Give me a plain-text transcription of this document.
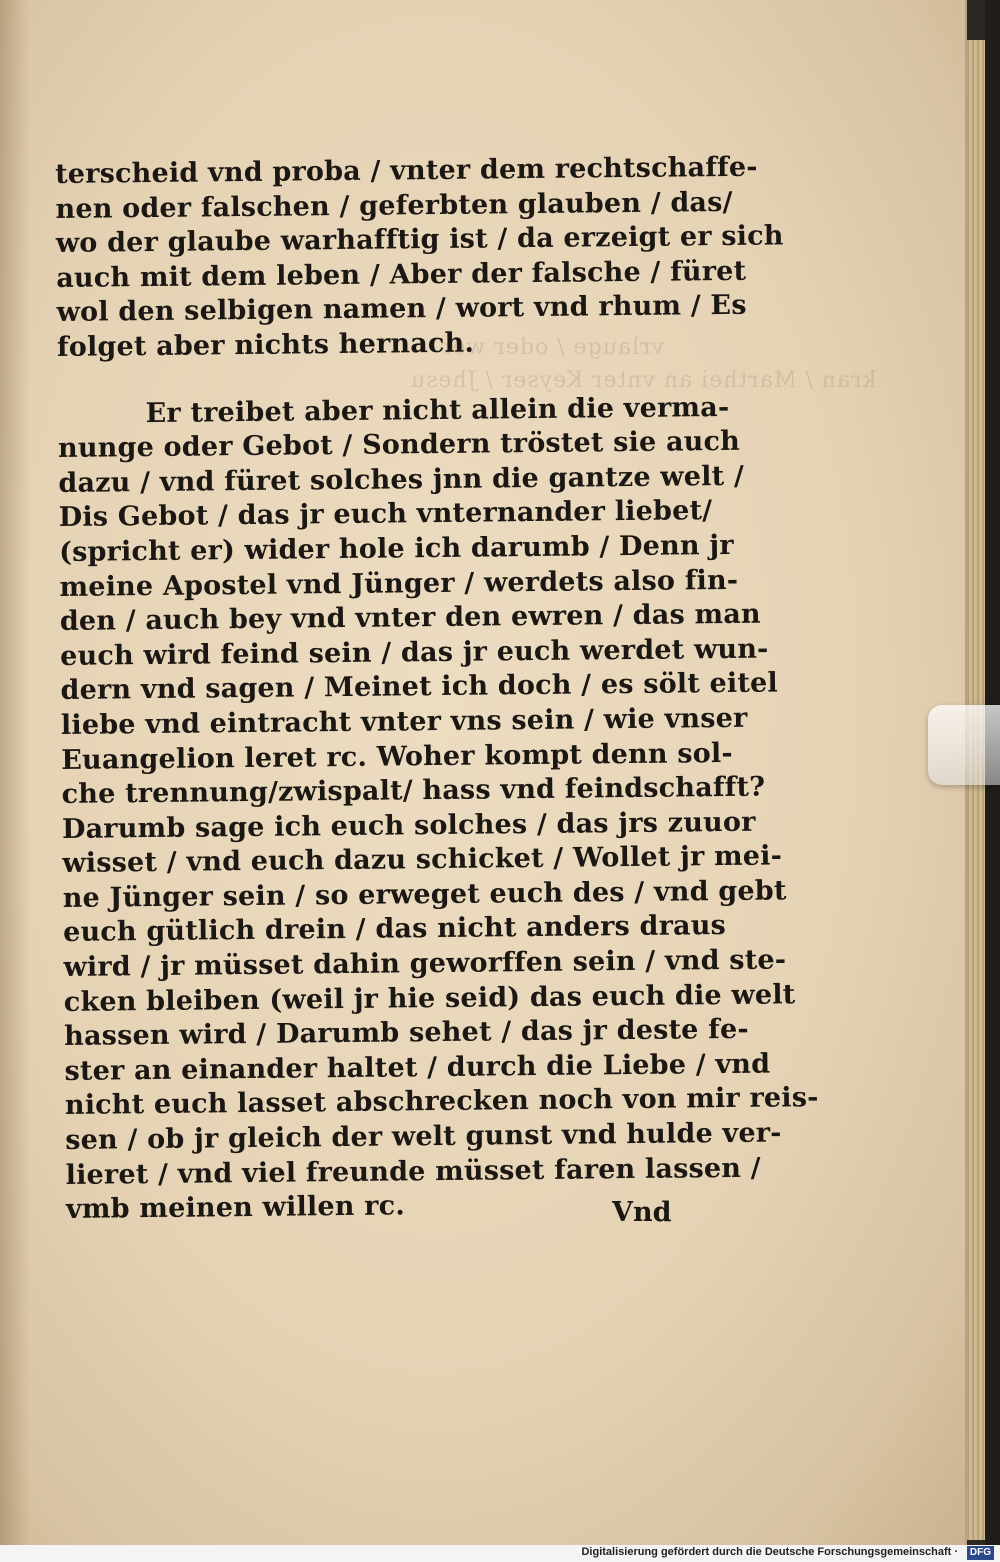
vrlauge / oder wer
kran / Marthei an vnter Keyser / Jhesu
terscheid vnd proba / vnter dem rechtschaffe-
nen oder falschen / geferbten glauben / das/
wo der glaube warhafftig ist / da erzeigt er sich
auch mit dem leben / Aber der falsche / füret
wol den selbigen namen / wort vnd rhum / Es
folget aber nichts hernach.
Er treibet aber nicht allein die verma-
nunge oder Gebot / Sondern tröstet sie auch
dazu / vnd füret solches jnn die gantze welt /
Dis Gebot / das jr euch vnternander liebet/
(spricht er) wider hole ich darumb / Denn jr
meine Apostel vnd Jünger / werdets also fin-
den / auch bey vnd vnter den ewren / das man
euch wird feind sein / das jr euch werdet wun-
dern vnd sagen / Meinet ich doch / es sölt eitel
liebe vnd eintracht vnter vns sein / wie vnser
Euangelion leret rc. Woher kompt denn sol-
che trennung/zwispalt/ hass vnd feindschafft?
Darumb sage ich euch solches / das jrs zuuor
wisset / vnd euch dazu schicket / Wollet jr mei-
ne Jünger sein / so erweget euch des / vnd gebt
euch gütlich drein / das nicht anders draus
wird / jr müsset dahin geworffen sein / vnd ste-
cken bleiben (weil jr hie seid) das euch die welt
hassen wird / Darumb sehet / das jr deste fe-
ster an einander haltet / durch die Liebe / vnd
nicht euch lasset abschrecken noch von mir reis-
sen / ob jr gleich der welt gunst vnd hulde ver-
lieret / vnd viel freunde müsset faren lassen /
vmb meinen willen rc.	Vnd
Digitalisierung gefördert durch die Deutsche Forschungsgemeinschaft ·	DFG
